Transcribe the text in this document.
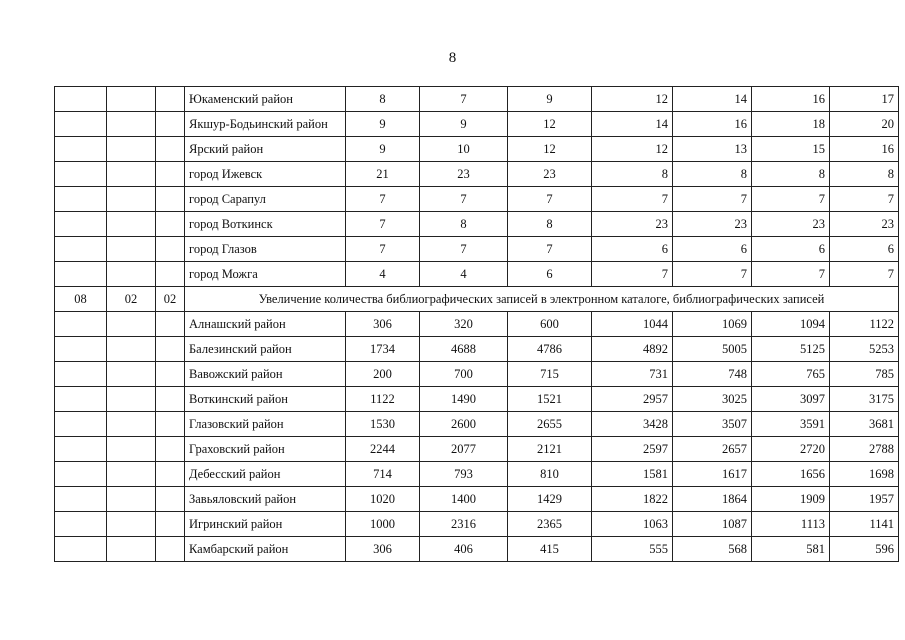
8
			Юкаменский район	8	7	9	12	14	16	17
			Якшур-Бодьинский район	9	9	12	14	16	18	20
			Ярский район	9	10	12	12	13	15	16
			город Ижевск	21	23	23	8	8	8	8
			город Сарапул	7	7	7	7	7	7	7
			город Воткинск	7	8	8	23	23	23	23
			город Глазов	7	7	7	6	6	6	6
			город Можга	4	4	6	7	7	7	7
08	02	02	Увеличение количества библиографических записей в электронном каталоге, библиографических записей							
			Алнашский район	306	320	600	1044	1069	1094	1122
			Балезинский район	1734	4688	4786	4892	5005	5125	5253
			Вавожский район	200	700	715	731	748	765	785
			Воткинский район	1122	1490	1521	2957	3025	3097	3175
			Глазовский район	1530	2600	2655	3428	3507	3591	3681
			Граховский район	2244	2077	2121	2597	2657	2720	2788
			Дебесский район	714	793	810	1581	1617	1656	1698
			Завьяловский район	1020	1400	1429	1822	1864	1909	1957
			Игринский район	1000	2316	2365	1063	1087	1113	1141
			Камбарский район	306	406	415	555	568	581	596
